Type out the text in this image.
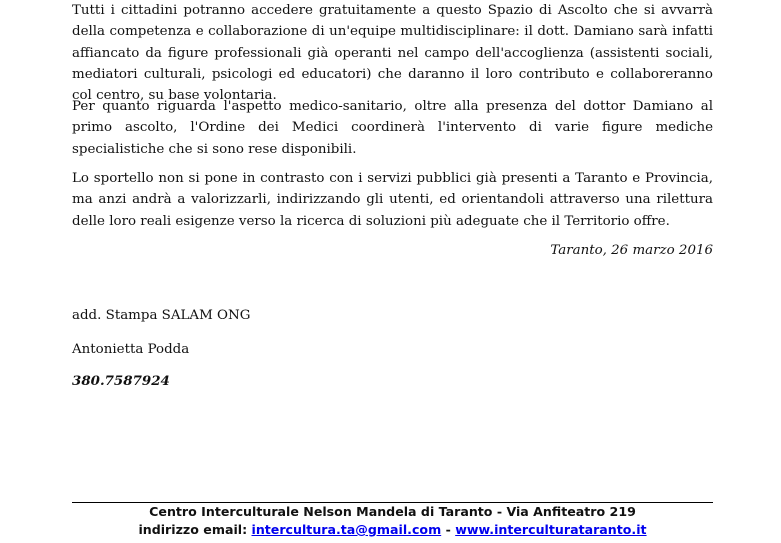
Tutti i cittadini potranno accedere gratuitamente a questo Spazio di Ascolto che si avvarrà della competenza e collaborazione di un'equipe multidisciplinare: il dott. Damiano sarà infatti affiancato da figure professionali già operanti nel campo dell'accoglienza (assistenti sociali, mediatori culturali, psicologi ed educatori) che daranno il loro contributo e collaboreranno col centro, su base volontaria.

Per quanto riguarda l'aspetto medico-sanitario, oltre alla presenza del dottor Damiano al primo ascolto, l'Ordine dei Medici coordinerà l'intervento di varie figure mediche specialistiche che si sono rese disponibili.

Lo sportello non si pone in contrasto con i servizi pubblici già presenti a Taranto e Provincia, ma anzi andrà a valorizzarli, indirizzando gli utenti, ed orientandoli attraverso una rilettura delle loro reali esigenze verso la ricerca di soluzioni più adeguate che il Territorio offre.

Taranto, 26 marzo 2016
add. Stampa SALAM ONG
Antonietta Podda
380.7587924
Centro Interculturale Nelson Mandela di Taranto - Via Anfiteatro 219
indirizzo email: intercultura.ta@gmail.com - www.interculturataranto.it
